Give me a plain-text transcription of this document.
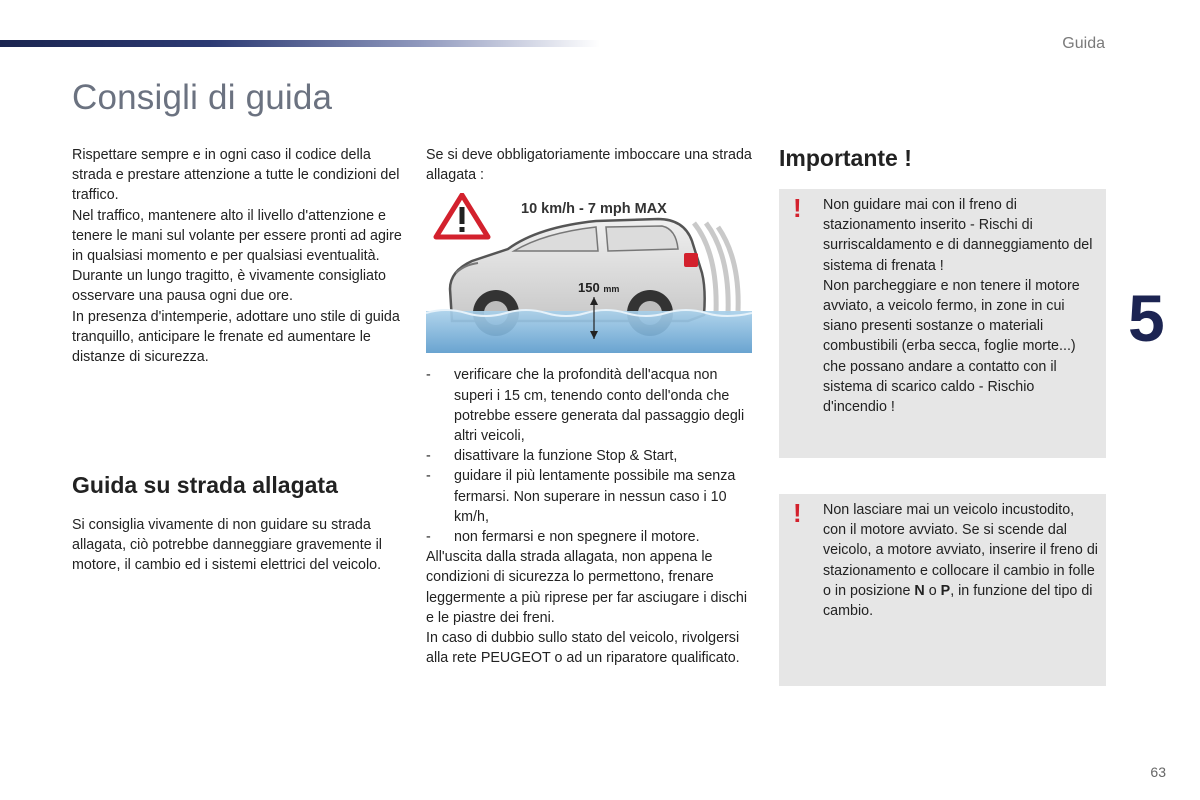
Guida
Consigli di guida

Rispettare sempre e in ogni caso il codice della strada e prestare attenzione a tutte le condizioni del traffico.
Nel traffico, mantenere alto il livello d'attenzione e tenere le mani sul volante per essere pronti ad agire in qualsiasi momento e per qualsiasi eventualità.
Durante un lungo tragitto, è vivamente consigliato osservare una pausa ogni due ore.
In presenza d'intemperie, adottare uno stile di guida tranquillo, anticipare le frenate ed aumentare le distanze di sicurezza.

Guida su strada allagata

Si consiglia vivamente di non guidare su strada allagata, ciò potrebbe danneggiare gravemente il motore, il cambio ed i sistemi elettrici del veicolo.

Se si deve obbligatoriamente imboccare una strada allagata :

10 km/h - 7 mph MAX
150 mm
- verificare che la profondità dell'acqua non superi i 15 cm, tenendo conto dell'onda che potrebbe essere generata dal passaggio degli altri veicoli,
- disattivare la funzione Stop & Start,
- guidare il più lentamente possibile ma senza fermarsi. Non superare in nessun caso i 10 km/h,
- non fermarsi e non spegnere il motore.

All'uscita dalla strada allagata, non appena le condizioni di sicurezza lo permettono, frenare leggermente a più riprese per far asciugare i dischi e le piastre dei freni.
In caso di dubbio sullo stato del veicolo, rivolgersi alla rete PEUGEOT o ad un riparatore qualificato.

Importante !
! Non guidare mai con il freno di stazionamento inserito - Rischi di surriscaldamento e di danneggiamento del sistema di frenata !
Non parcheggiare e non tenere il motore avviato, a veicolo fermo, in zone in cui siano presenti sostanze o materiali combustibili (erba secca, foglie morte...) che possano andare a contatto con il sistema di scarico caldo - Rischio d'incendio !

! Non lasciare mai un veicolo incustodito, con il motore avviato. Se si scende dal veicolo, a motore avviato, inserire il freno di stazionamento e collocare il cambio in folle o in posizione N o P, in funzione del tipo di cambio.

5
63
